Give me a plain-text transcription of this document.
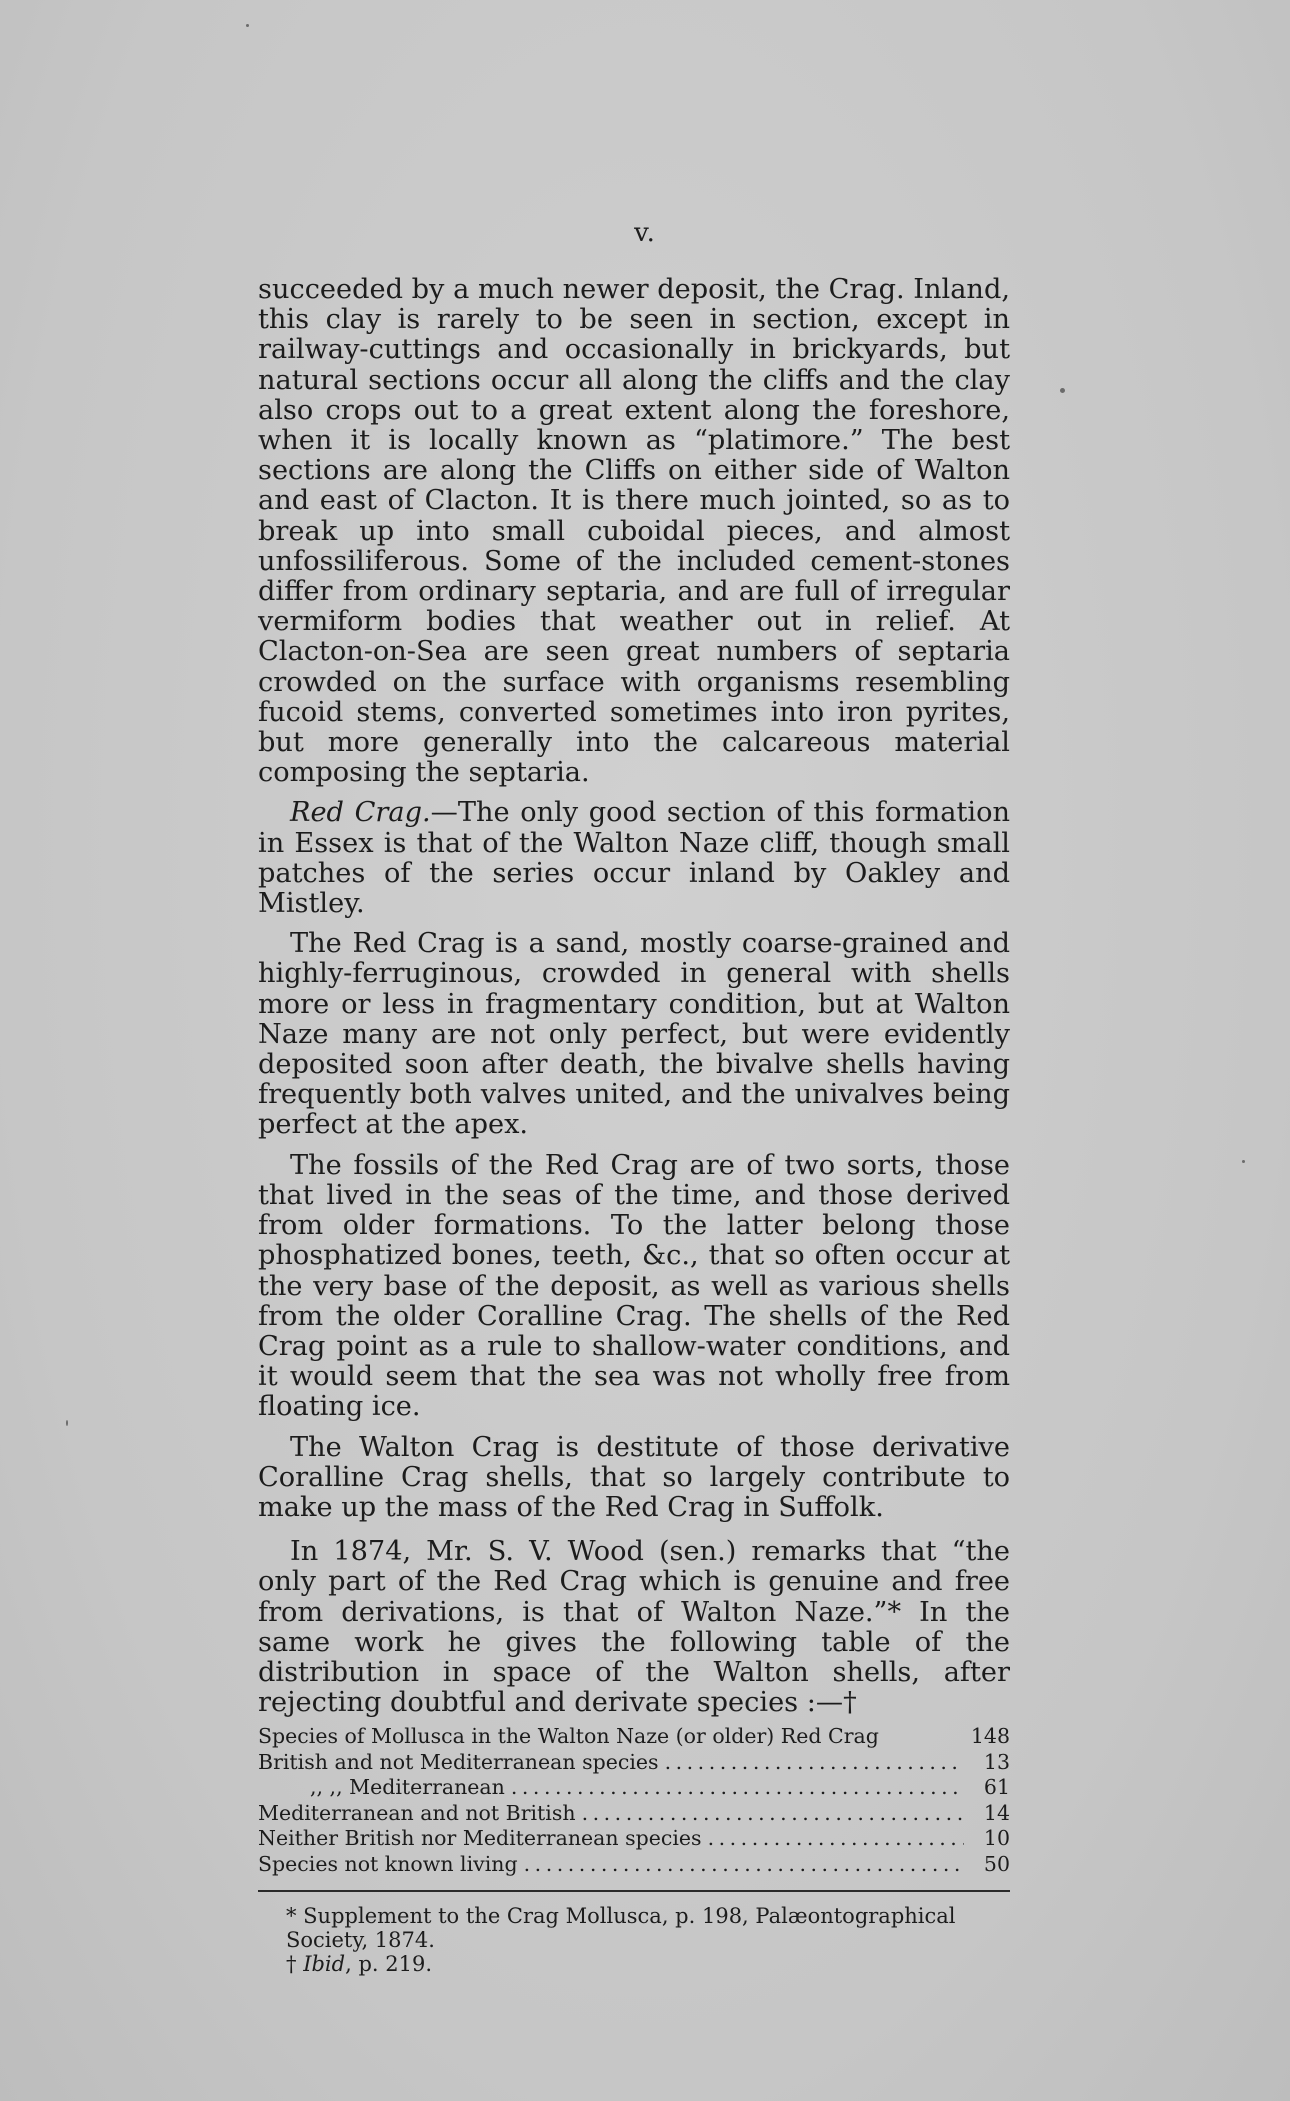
v.

succeeded by a much newer deposit, the Crag. Inland, this clay is rarely to be seen in section, except in railway-cuttings and occasionally in brickyards, but natural sections occur all along the cliffs and the clay also crops out to a great extent along the foreshore, when it is locally known as “platimore.” The best sections are along the Cliffs on either side of Walton and east of Clacton. It is there much jointed, so as to break up into small cuboidal pieces, and almost unfossiliferous. Some of the included cement-stones differ from ordinary septaria, and are full of irregular vermiform bodies that weather out in relief. At Clacton-on-Sea are seen great numbers of septaria crowded on the surface with organisms resembling fucoid stems, converted sometimes into iron pyrites, but more generally into the calcareous material composing the septaria.

Red Crag.—The only good section of this formation in Essex is that of the Walton Naze cliff, though small patches of the series occur inland by Oakley and Mistley.

The Red Crag is a sand, mostly coarse-grained and highly-ferruginous, crowded in general with shells more or less in fragmentary condition, but at Walton Naze many are not only perfect, but were evidently deposited soon after death, the bivalve shells having frequently both valves united, and the univalves being perfect at the apex.

The fossils of the Red Crag are of two sorts, those that lived in the seas of the time, and those derived from older formations. To the latter belong those phosphatized bones, teeth, &c., that so often occur at the very base of the deposit, as well as various shells from the older Coralline Crag. The shells of the Red Crag point as a rule to shallow-water conditions, and it would seem that the sea was not wholly free from floating ice.

The Walton Crag is destitute of those derivative Coralline Crag shells, that so largely contribute to make up the mass of the Red Crag in Suffolk.

In 1874, Mr. S. V. Wood (sen.) remarks that “the only part of the Red Crag which is genuine and free from derivations, is that of Walton Naze.”* In the same work he gives the following table of the distribution in space of the Walton shells, after rejecting doubtful and derivate species :—†

Species of Mollusca in the Walton Naze (or older) Red Crag	148
British and not Mediterranean species . . .	13
,, ,, Mediterranean . . .	61
Mediterranean and not British . . .	14
Neither British nor Mediterranean species . . .	10
Species not known living . . .	50
* Supplement to the Crag Mollusca, p. 198, Palæontographical Society, 1874.
† Ibid, p. 219.
